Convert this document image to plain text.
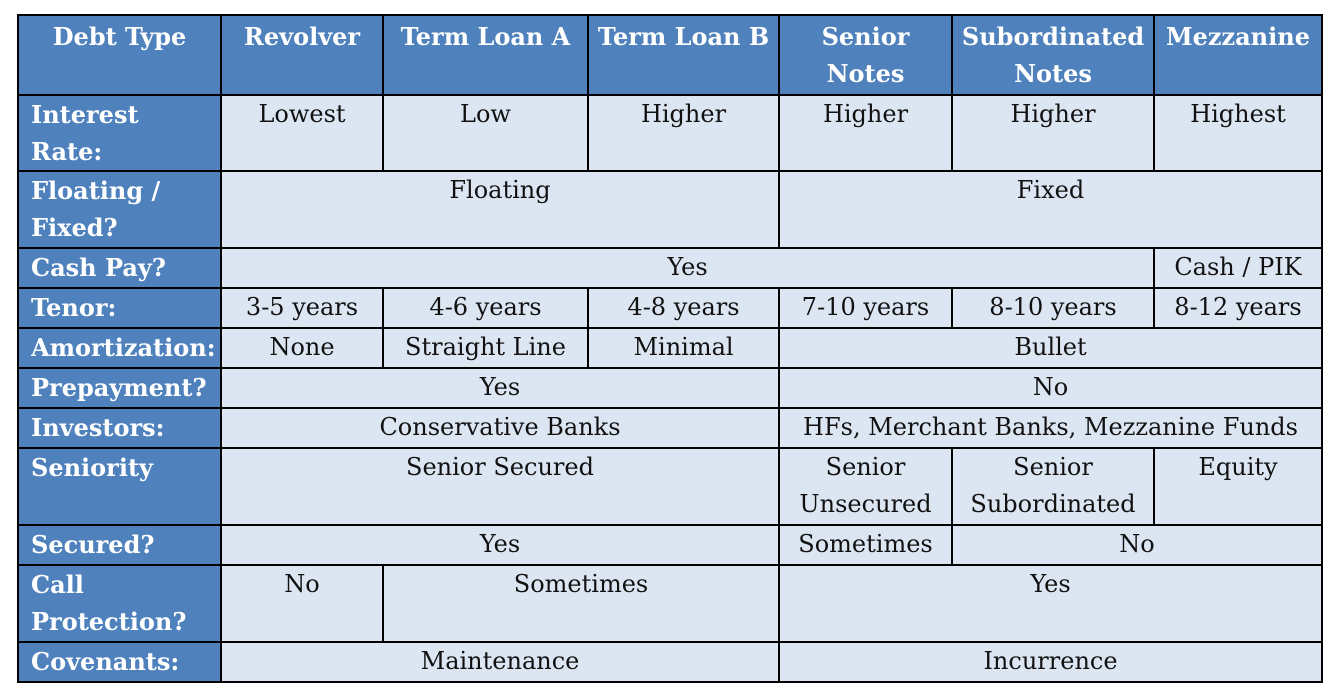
Debt Type	Revolver	Term Loan A	Term Loan B	Senior Notes	Subordinated Notes	Mezzanine
Interest Rate:	Lowest	Low	Higher	Higher	Higher	Highest
Floating / Fixed?	Floating			Fixed		
Cash Pay?	Yes					Cash / PIK
Tenor:	3-5 years	4-6 years	4-8 years	7-10 years	8-10 years	8-12 years
Amortization:	None	Straight Line	Minimal	Bullet		
Prepayment?	Yes			No		
Investors:	Conservative Banks			HFs, Merchant Banks, Mezzanine Funds		
Seniority	Senior Secured			Senior Unsecured	Senior Subordinated	Equity
Secured?	Yes			Sometimes	No	
Call Protection?	No	Sometimes		Yes		
Covenants:	Maintenance			Incurrence		
